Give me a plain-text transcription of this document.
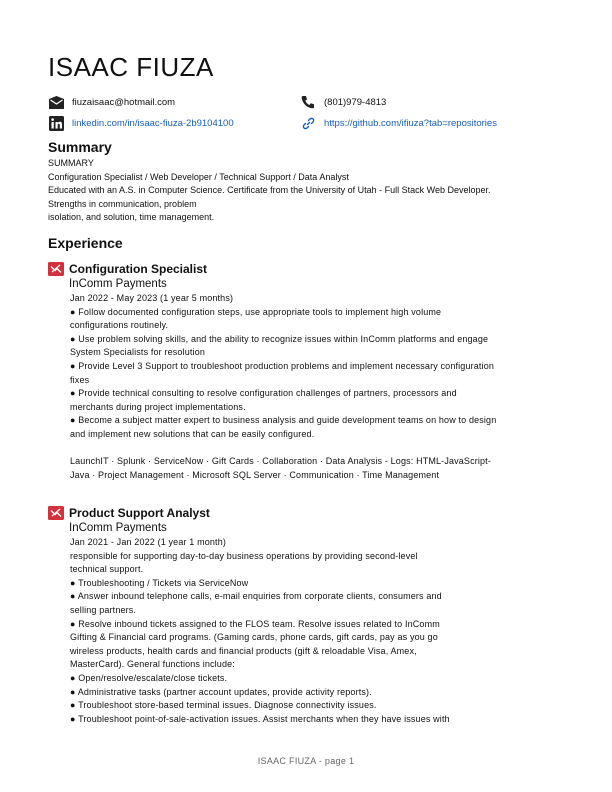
ISAAC FIUZA
fiuzaisaac@hotmail.com	(801)979-4813
linkedin.com/in/isaac-fiuza-2b9104100	https://github.com/ifiuza?tab=repositories
Summary
SUMMARY
Configuration Specialist / Web Developer / Technical Support / Data Analyst
Educated with an A.S. in Computer Science. Certificate from the University of Utah - Full Stack Web Developer.
Strengths in communication, problem
isolation, and solution, time management.
Experience
Configuration Specialist
InComm Payments
Jan 2022 - May 2023 (1 year 5 months)
● Follow documented configuration steps, use appropriate tools to implement high volume
configurations routinely.
● Use problem solving skills, and the ability to recognize issues within InComm platforms and engage
System Specialists for resolution
● Provide Level 3 Support to troubleshoot production problems and implement necessary configuration
fixes
● Provide technical consulting to resolve configuration challenges of partners, processors and
merchants during project implementations.
● Become a subject matter expert to business analysis and guide development teams on how to design
and implement new solutions that can be easily configured.
LaunchIT · Splunk · ServiceNow · Gift Cards · Collaboration · Data Analysis - Logs: HTML-JavaScript-
Java · Project Management · Microsoft SQL Server · Communication · Time Management
Product Support Analyst
InComm Payments
Jan 2021 - Jan 2022 (1 year 1 month)
responsible for supporting day-to-day business operations by providing second-level
technical support.
● Troubleshooting / Tickets via ServiceNow
● Answer inbound telephone calls, e-mail enquiries from corporate clients, consumers and
selling partners.
● Resolve inbound tickets assigned to the FLOS team. Resolve issues related to InComm
Gifting & Financial card programs. (Gaming cards, phone cards, gift cards, pay as you go
wireless products, health cards and financial products (gift & reloadable Visa, Amex,
MasterCard). General functions include:
● Open/resolve/escalate/close tickets.
● Administrative tasks (partner account updates, provide activity reports).
● Troubleshoot store-based terminal issues. Diagnose connectivity issues.
● Troubleshoot point-of-sale-activation issues. Assist merchants when they have issues with
ISAAC FIUZA - page 1
